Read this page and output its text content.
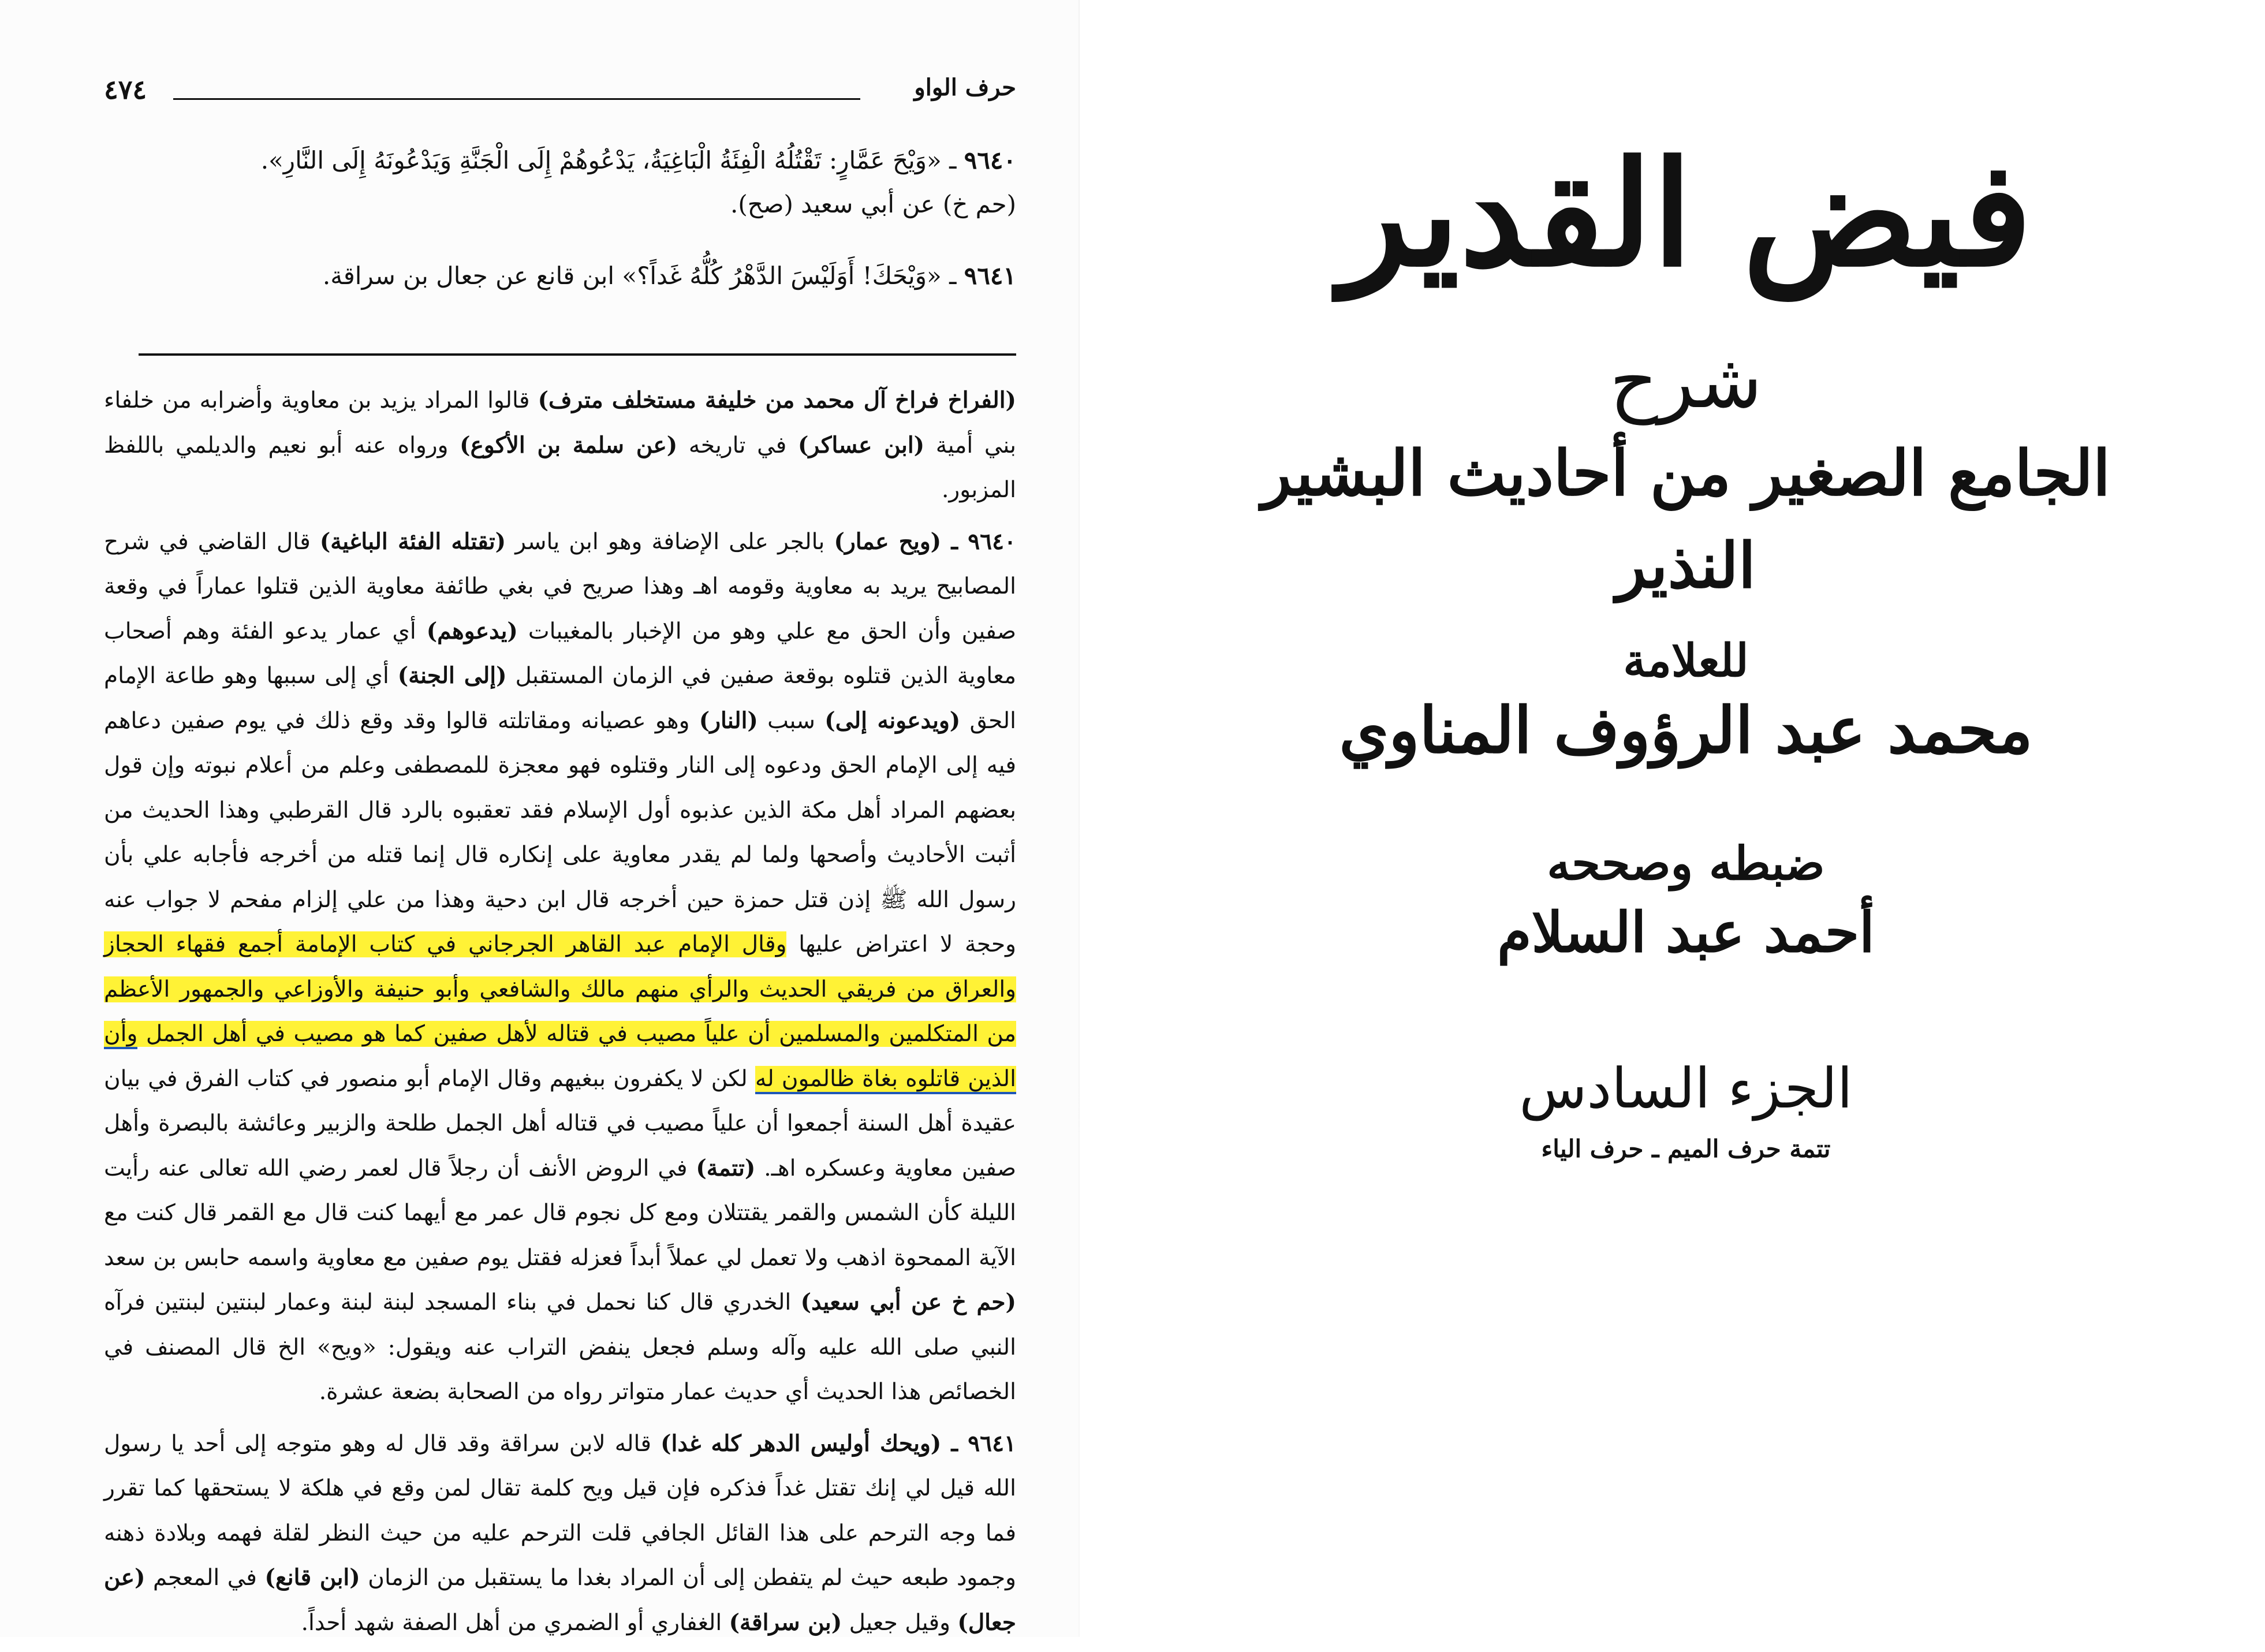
٤٧٤	حرف الواو
٩٦٤٠ ـ «وَيْحَ عَمَّارٍ: تَقْتُلُهُ الْفِئَةُ الْبَاغِيَةُ، يَدْعُوهُمْ إِلَى الْجَنَّةِ وَيَدْعُونَهُ إِلَى النَّارِ».
(حم خ) عن أبي سعيد (صح).
٩٦٤١ ـ «وَيْحَكَ! أَوَلَيْسَ الدَّهْرُ كُلُّهُ غَداً؟» ابن قانع عن جعال بن سراقة.

(الفراخ فراخ آل محمد من خليفة مستخلف مترف) قالوا المراد يزيد بن معاوية وأضرابه من خلفاء بني أمية (ابن عساكر) في تاريخه (عن سلمة بن الأكوع) ورواه عنه أبو نعيم والديلمي باللفظ المزبور.

٩٦٤٠ ـ (ويح عمار) بالجر على الإضافة وهو ابن ياسر (تقتله الفئة الباغية) قال القاضي في شرح المصابيح يريد به معاوية وقومه اهـ وهذا صريح في بغي طائفة معاوية الذين قتلوا عماراً في وقعة صفين وأن الحق مع علي وهو من الإخبار بالمغيبات (يدعوهم) أي عمار يدعو الفئة وهم أصحاب معاوية الذين قتلوه بوقعة صفين في الزمان المستقبل (إلى الجنة) أي إلى سببها وهو طاعة الإمام الحق (ويدعونه إلى) سبب (النار) وهو عصيانه ومقاتلته قالوا وقد وقع ذلك في يوم صفين دعاهم فيه إلى الإمام الحق ودعوه إلى النار وقتلوه فهو معجزة للمصطفى وعلم من أعلام نبوته وإن قول بعضهم المراد أهل مكة الذين عذبوه أول الإسلام فقد تعقبوه بالرد قال القرطبي وهذا الحديث من أثبت الأحاديث وأصحها ولما لم يقدر معاوية على إنكاره قال إنما قتله من أخرجه فأجابه علي بأن رسول الله ﷺ إذن قتل حمزة حين أخرجه قال ابن دحية وهذا من علي إلزام مفحم لا جواب عنه وحجة لا اعتراض عليها وقال الإمام عبد القاهر الجرجاني في كتاب الإمامة أجمع فقهاء الحجاز والعراق من فريقي الحديث والرأي منهم مالك والشافعي وأبو حنيفة والأوزاعي والجمهور الأعظم من المتكلمين والمسلمين أن علياً مصيب في قتاله لأهل صفين كما هو مصيب في أهل الجمل وأن الذين قاتلوه بغاة ظالمون له لكن لا يكفرون ببغيهم وقال الإمام أبو منصور في كتاب الفرق في بيان عقيدة أهل السنة أجمعوا أن علياً مصيب في قتاله أهل الجمل طلحة والزبير وعائشة بالبصرة وأهل صفين معاوية وعسكره اهـ. (تتمة) في الروض الأنف أن رجلاً قال لعمر رضي الله تعالى عنه رأيت الليلة كأن الشمس والقمر يقتتلان ومع كل نجوم قال عمر مع أيهما كنت قال مع القمر قال كنت مع الآية الممحوة اذهب ولا تعمل لي عملاً أبداً فعزله فقتل يوم صفين مع معاوية واسمه حابس بن سعد (حم خ عن أبي سعيد) الخدري قال كنا نحمل في بناء المسجد لبنة لبنة وعمار لبنتين لبنتين فرآه النبي صلى الله عليه وآله وسلم فجعل ينفض التراب عنه ويقول: «ويح» الخ قال المصنف في الخصائص هذا الحديث أي حديث عمار متواتر رواه من الصحابة بضعة عشرة.

٩٦٤١ ـ (ويحك أوليس الدهر كله غدا) قاله لابن سراقة وقد قال له وهو متوجه إلى أحد يا رسول الله قيل لي إنك تقتل غداً فذكره فإن قيل ويح كلمة تقال لمن وقع في هلكة لا يستحقها كما تقرر فما وجه الترحم على هذا القائل الجافي قلت الترحم عليه من حيث النظر لقلة فهمه وبلادة ذهنه وجمود طبعه حيث لم يتفطن إلى أن المراد بغدا ما يستقبل من الزمان (ابن قانع) في المعجم (عن جعال) وقيل جعيل (بن سراقة) الغفاري أو الضمري من أهل الصفة شهد أحداً.

فيض القدير
شرح
الجامع الصغير من أحاديث البشير النذير
للعلامة
محمد عبد الرؤوف المناوي
ضبطه وصححه
أحمد عبد السلام
الجزء السادس
تتمة حرف الميم ـ حرف الياء
